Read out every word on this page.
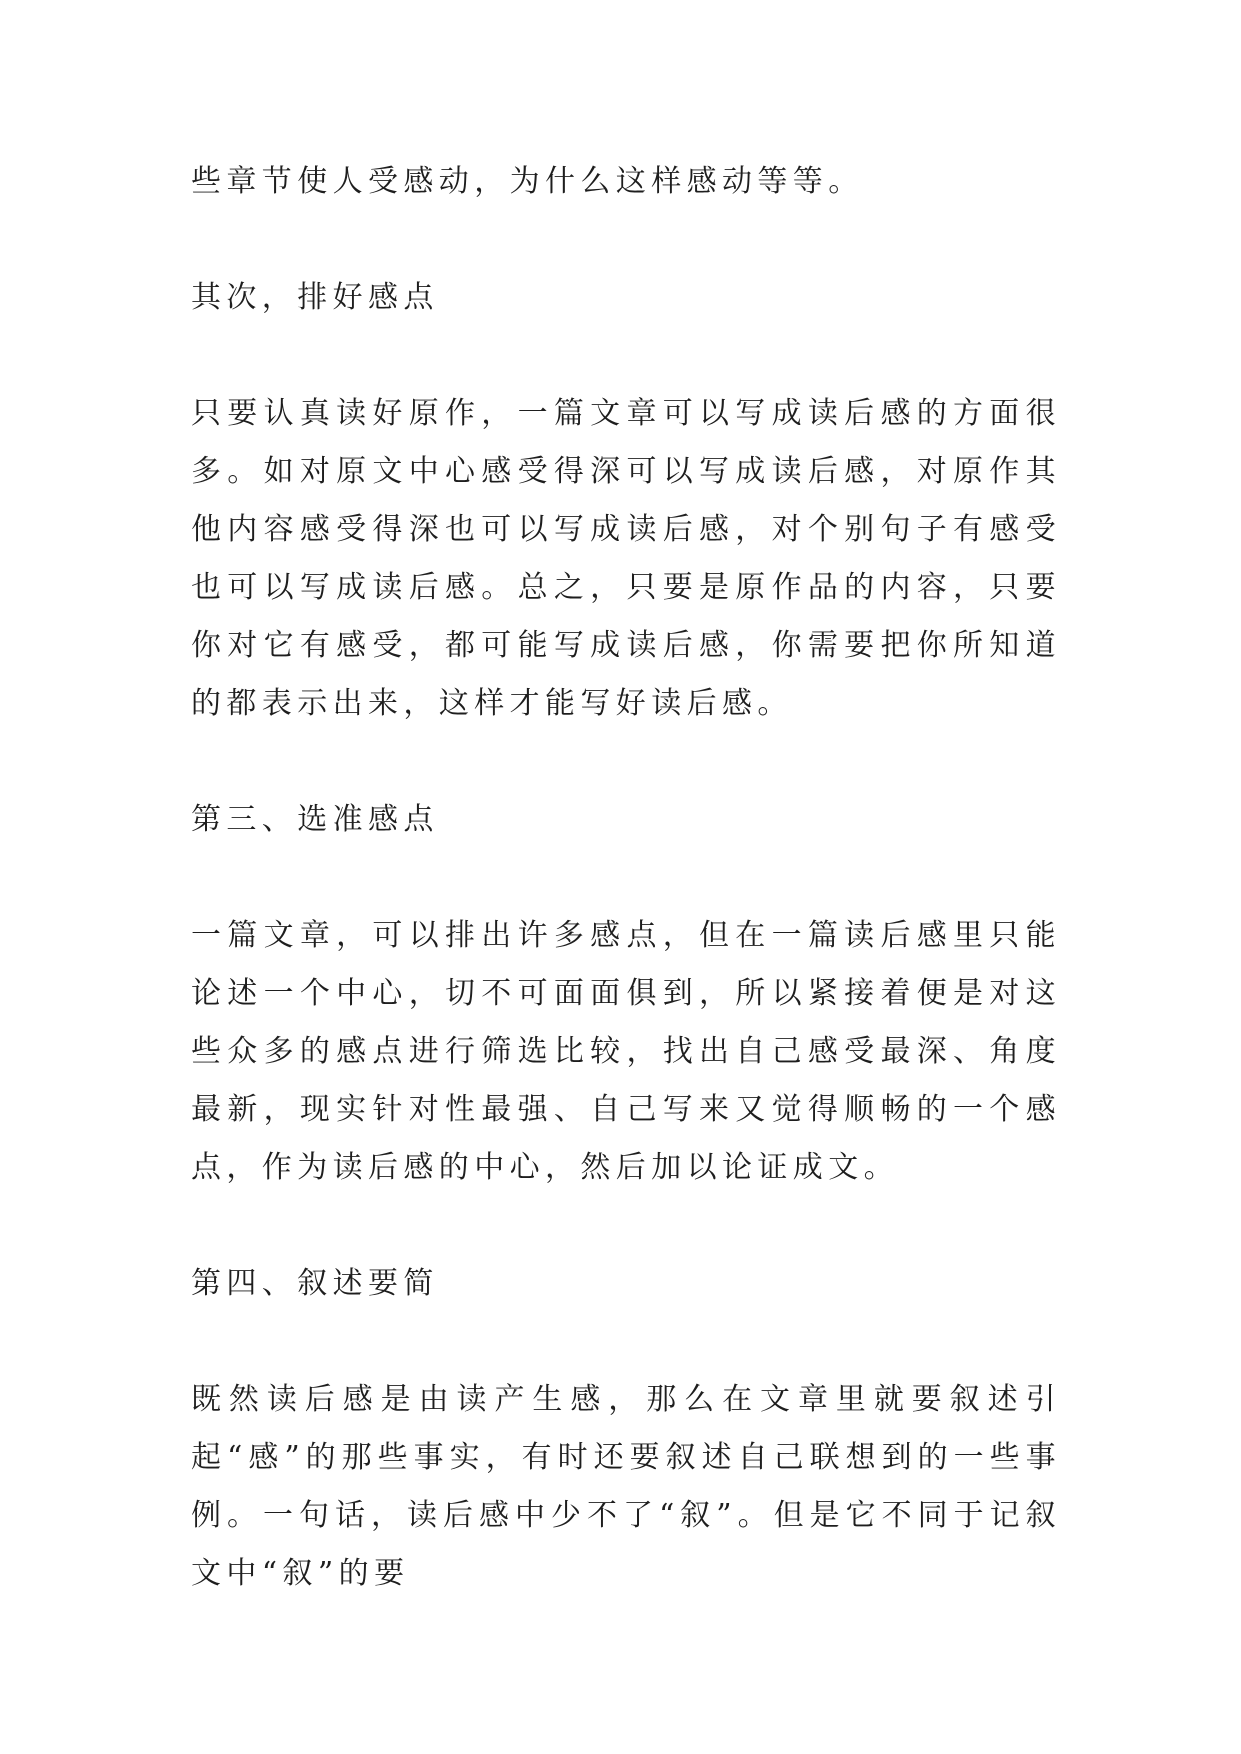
些章节使人受感动，为什么这样感动等等。

其次，排好感点

只要认真读好原作，一篇文章可以写成读后感的方面很多。如对原文中心感受得深可以写成读后感，对原作其他内容感受得深也可以写成读后感，对个别句子有感受也可以写成读后感。总之，只要是原作品的内容，只要你对它有感受，都可能写成读后感，你需要把你所知道的都表示出来，这样才能写好读后感。

第三、选准感点

一篇文章，可以排出许多感点，但在一篇读后感里只能论述一个中心，切不可面面俱到，所以紧接着便是对这些众多的感点进行筛选比较，找出自己感受最深、角度最新，现实针对性最强、自己写来又觉得顺畅的一个感点，作为读后感的中心，然后加以论证成文。

第四、叙述要简

既然读后感是由读产生感，那么在文章里就要叙述引起“感”的那些事实，有时还要叙述自己联想到的一些事例。一句话，读后感中少不了“叙”。但是它不同于记叙文中“叙”的要
